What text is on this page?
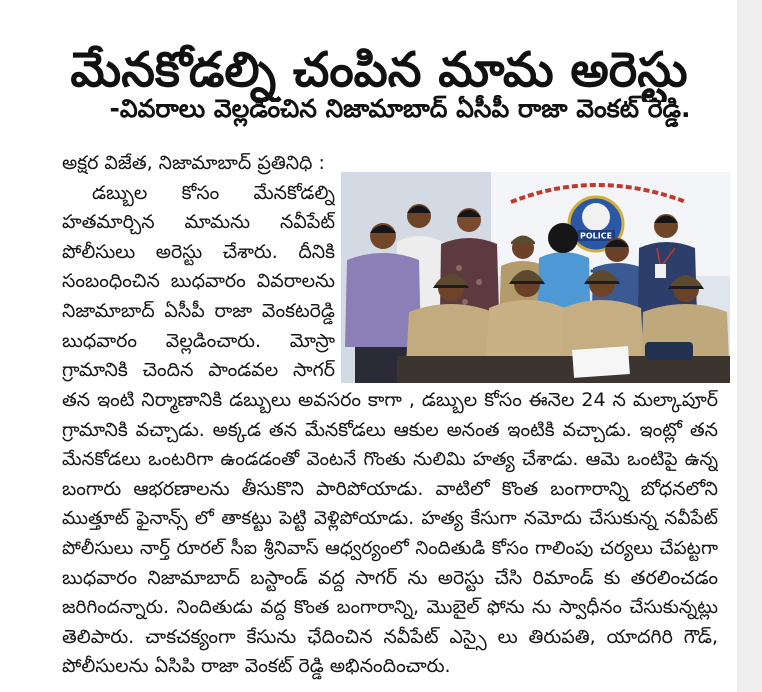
మేనకోడల్ని చంపిన మామ అరెస్టు
-వివరాలు వెల్లడించిన నిజామాబాద్ ఏసీపీ రాజా వెంకట్ రెడ్డి.
అక్షర విజేత, నిజామాబాద్ ప్రతినిధి :
డబ్బుల కోసం మేనకోడల్ని
హతమార్చిన మామను నవీపేట్
పోలీసులు అరెస్టు చేశారు. దీనికి
సంబంధించిన బుధవారం వివరాలను
నిజామాబాద్ ఏసీపీ రాజా వెంకటరెడ్డి
బుధవారం వెల్లడించారు. మోస్రా
గ్రామానికి చెందిన పాండవల సాగర్
POLICE
తన ఇంటి నిర్మాణానికి డబ్బులు అవసరం కాగా , డబ్బుల కోసం ఈనెల 24 న మల్కాపూర్
గ్రామానికి వచ్చాడు. అక్కడ తన మేనకోడలు ఆకుల అనంత ఇంటికి వచ్చాడు. ఇంట్లో తన
మేనకోడలు ఒంటరిగా ఉండడంతో వెంటనే గొంతు నులిమి హత్య చేశాడు. ఆమె ఒంటిపై ఉన్న
బంగారు ఆభరణాలను తీసుకొని పారిపోయాడు. వాటిలో కొంత బంగారాన్ని బోధనలోని
ముత్తూట్ ఫైనాన్స్ లో తాకట్టు పెట్టి వెళ్లిపోయాడు. హత్య కేసుగా నమోదు చేసుకున్న నవీపేట్
పోలీసులు నార్త్ రూరల్ సీఐ శ్రీనివాస్ ఆధ్వర్యంలో నిందితుడి కోసం గాలింపు చర్యలు చేపట్టగా
బుధవారం నిజామాబాద్ బస్టాండ్ వద్ద సాగర్ ను అరెస్టు చేసి రిమాండ్ కు తరలించడం
జరిగిందన్నారు. నిందితుడు వద్ద కొంత బంగారాన్ని, మొబైల్ ఫోను ను స్వాధీనం చేసుకున్నట్లు
తెలిపారు. చాకచక్యంగా కేసును ఛేదించిన నవీపేట్ ఎస్సై లు తిరుపతి, యాదగిరి గౌడ్,
పోలీసులను ఏసిపి రాజా వెంకట్ రెడ్డి అభినందించారు.
